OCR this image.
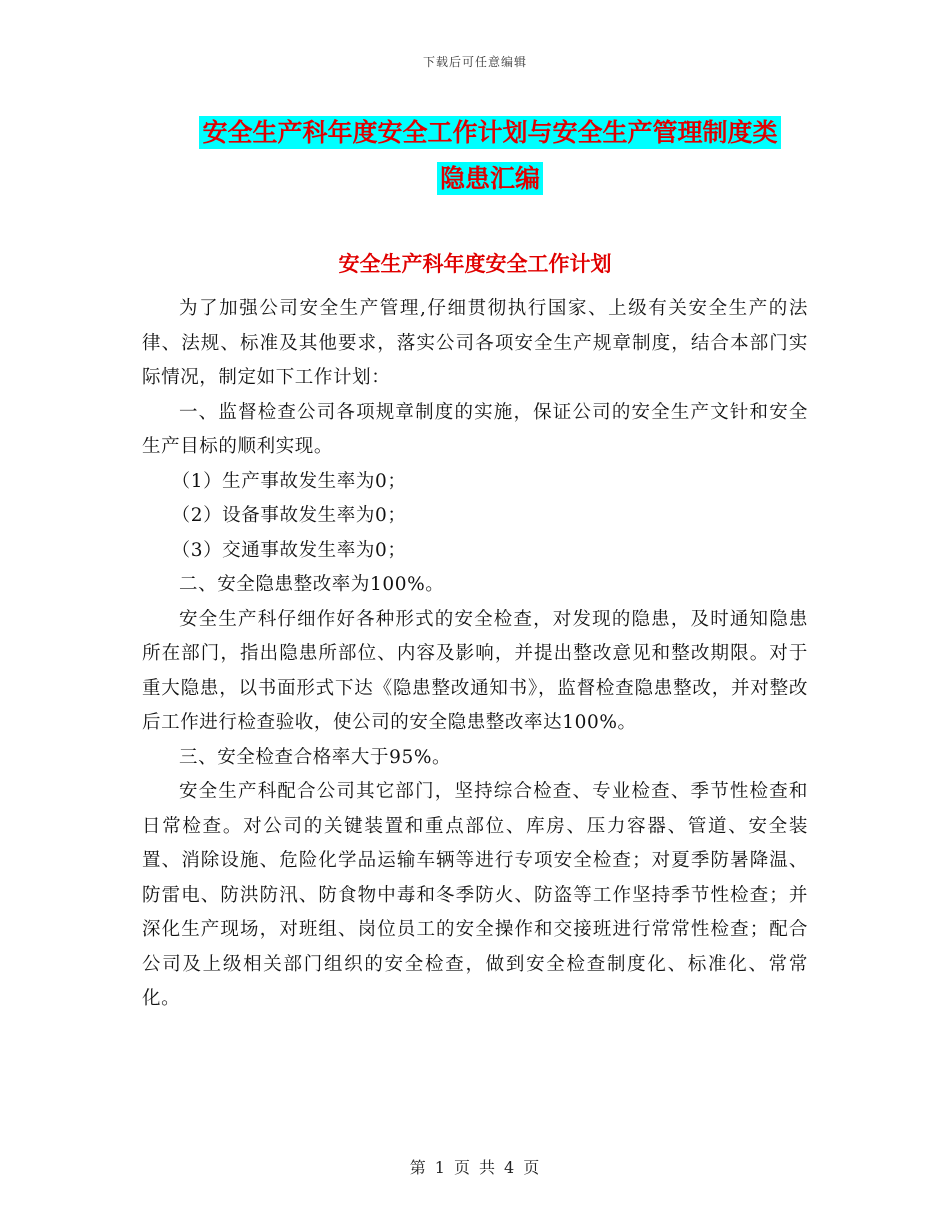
下载后可任意编辑
安全生产科年度安全工作计划与安全生产管理制度类
隐患汇编
安全生产科年度安全工作计划

为了加强公司安全生产管理,仔细贯彻执行国家、上级有关安全生产的法律、法规、标准及其他要求，落实公司各项安全生产规章制度，结合本部门实际情况，制定如下工作计划：

一、监督检查公司各项规章制度的实施，保证公司的安全生产文针和安全生产目标的顺利实现。

（1）生产事故发生率为0；

（2）设备事故发生率为0；

（3）交通事故发生率为0；

二、安全隐患整改率为100%。

安全生产科仔细作好各种形式的安全检查，对发现的隐患，及时通知隐患所在部门，指出隐患所部位、内容及影响，并提出整改意见和整改期限。对于重大隐患，以书面形式下达《隐患整改通知书》，监督检查隐患整改，并对整改后工作进行检查验收，使公司的安全隐患整改率达100%。

三、安全检查合格率大于95%。

安全生产科配合公司其它部门，坚持综合检查、专业检查、季节性检查和日常检查。对公司的关键装置和重点部位、库房、压力容器、管道、安全装置、消除设施、危险化学品运输车辆等进行专项安全检查；对夏季防暑降温、防雷电、防洪防汛、防食物中毒和冬季防火、防盗等工作坚持季节性检查；并深化生产现场，对班组、岗位员工的安全操作和交接班进行常常性检查；配合公司及上级相关部门组织的安全检查，做到安全检查制度化、标准化、常常化。

第 1 页 共 4 页
